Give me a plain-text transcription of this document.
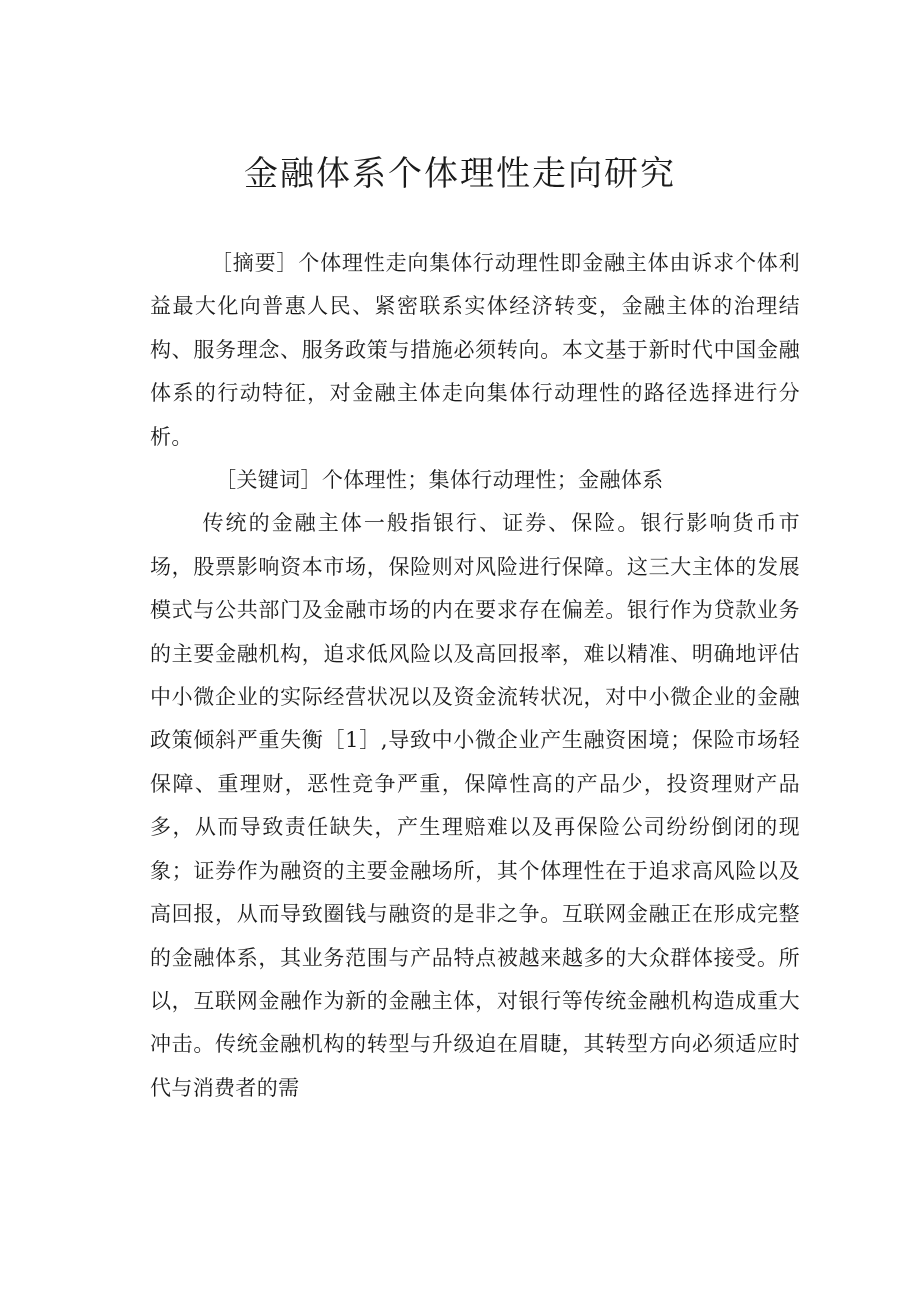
金融体系个体理性走向研究

［摘要］个体理性走向集体行动理性即金融主体由诉求个体利益最大化向普惠人民、紧密联系实体经济转变，金融主体的治理结构、服务理念、服务政策与措施必须转向。本文基于新时代中国金融体系的行动特征，对金融主体走向集体行动理性的路径选择进行分析。

［关键词］个体理性；集体行动理性；金融体系

传统的金融主体一般指银行、证券、保险。银行影响货币市场，股票影响资本市场，保险则对风险进行保障。这三大主体的发展模式与公共部门及金融市场的内在要求存在偏差。银行作为贷款业务的主要金融机构，追求低风险以及高回报率，难以精准、明确地评估中小微企业的实际经营状况以及资金流转状况，对中小微企业的金融政策倾斜严重失衡［1］,导致中小微企业产生融资困境；保险市场轻保障、重理财，恶性竞争严重，保障性高的产品少，投资理财产品多，从而导致责任缺失，产生理赔难以及再保险公司纷纷倒闭的现象；证券作为融资的主要金融场所，其个体理性在于追求高风险以及高回报，从而导致圈钱与融资的是非之争。互联网金融正在形成完整的金融体系，其业务范围与产品特点被越来越多的大众群体接受。所以，互联网金融作为新的金融主体，对银行等传统金融机构造成重大冲击。传统金融机构的转型与升级迫在眉睫，其转型方向必须适应时代与消费者的需
